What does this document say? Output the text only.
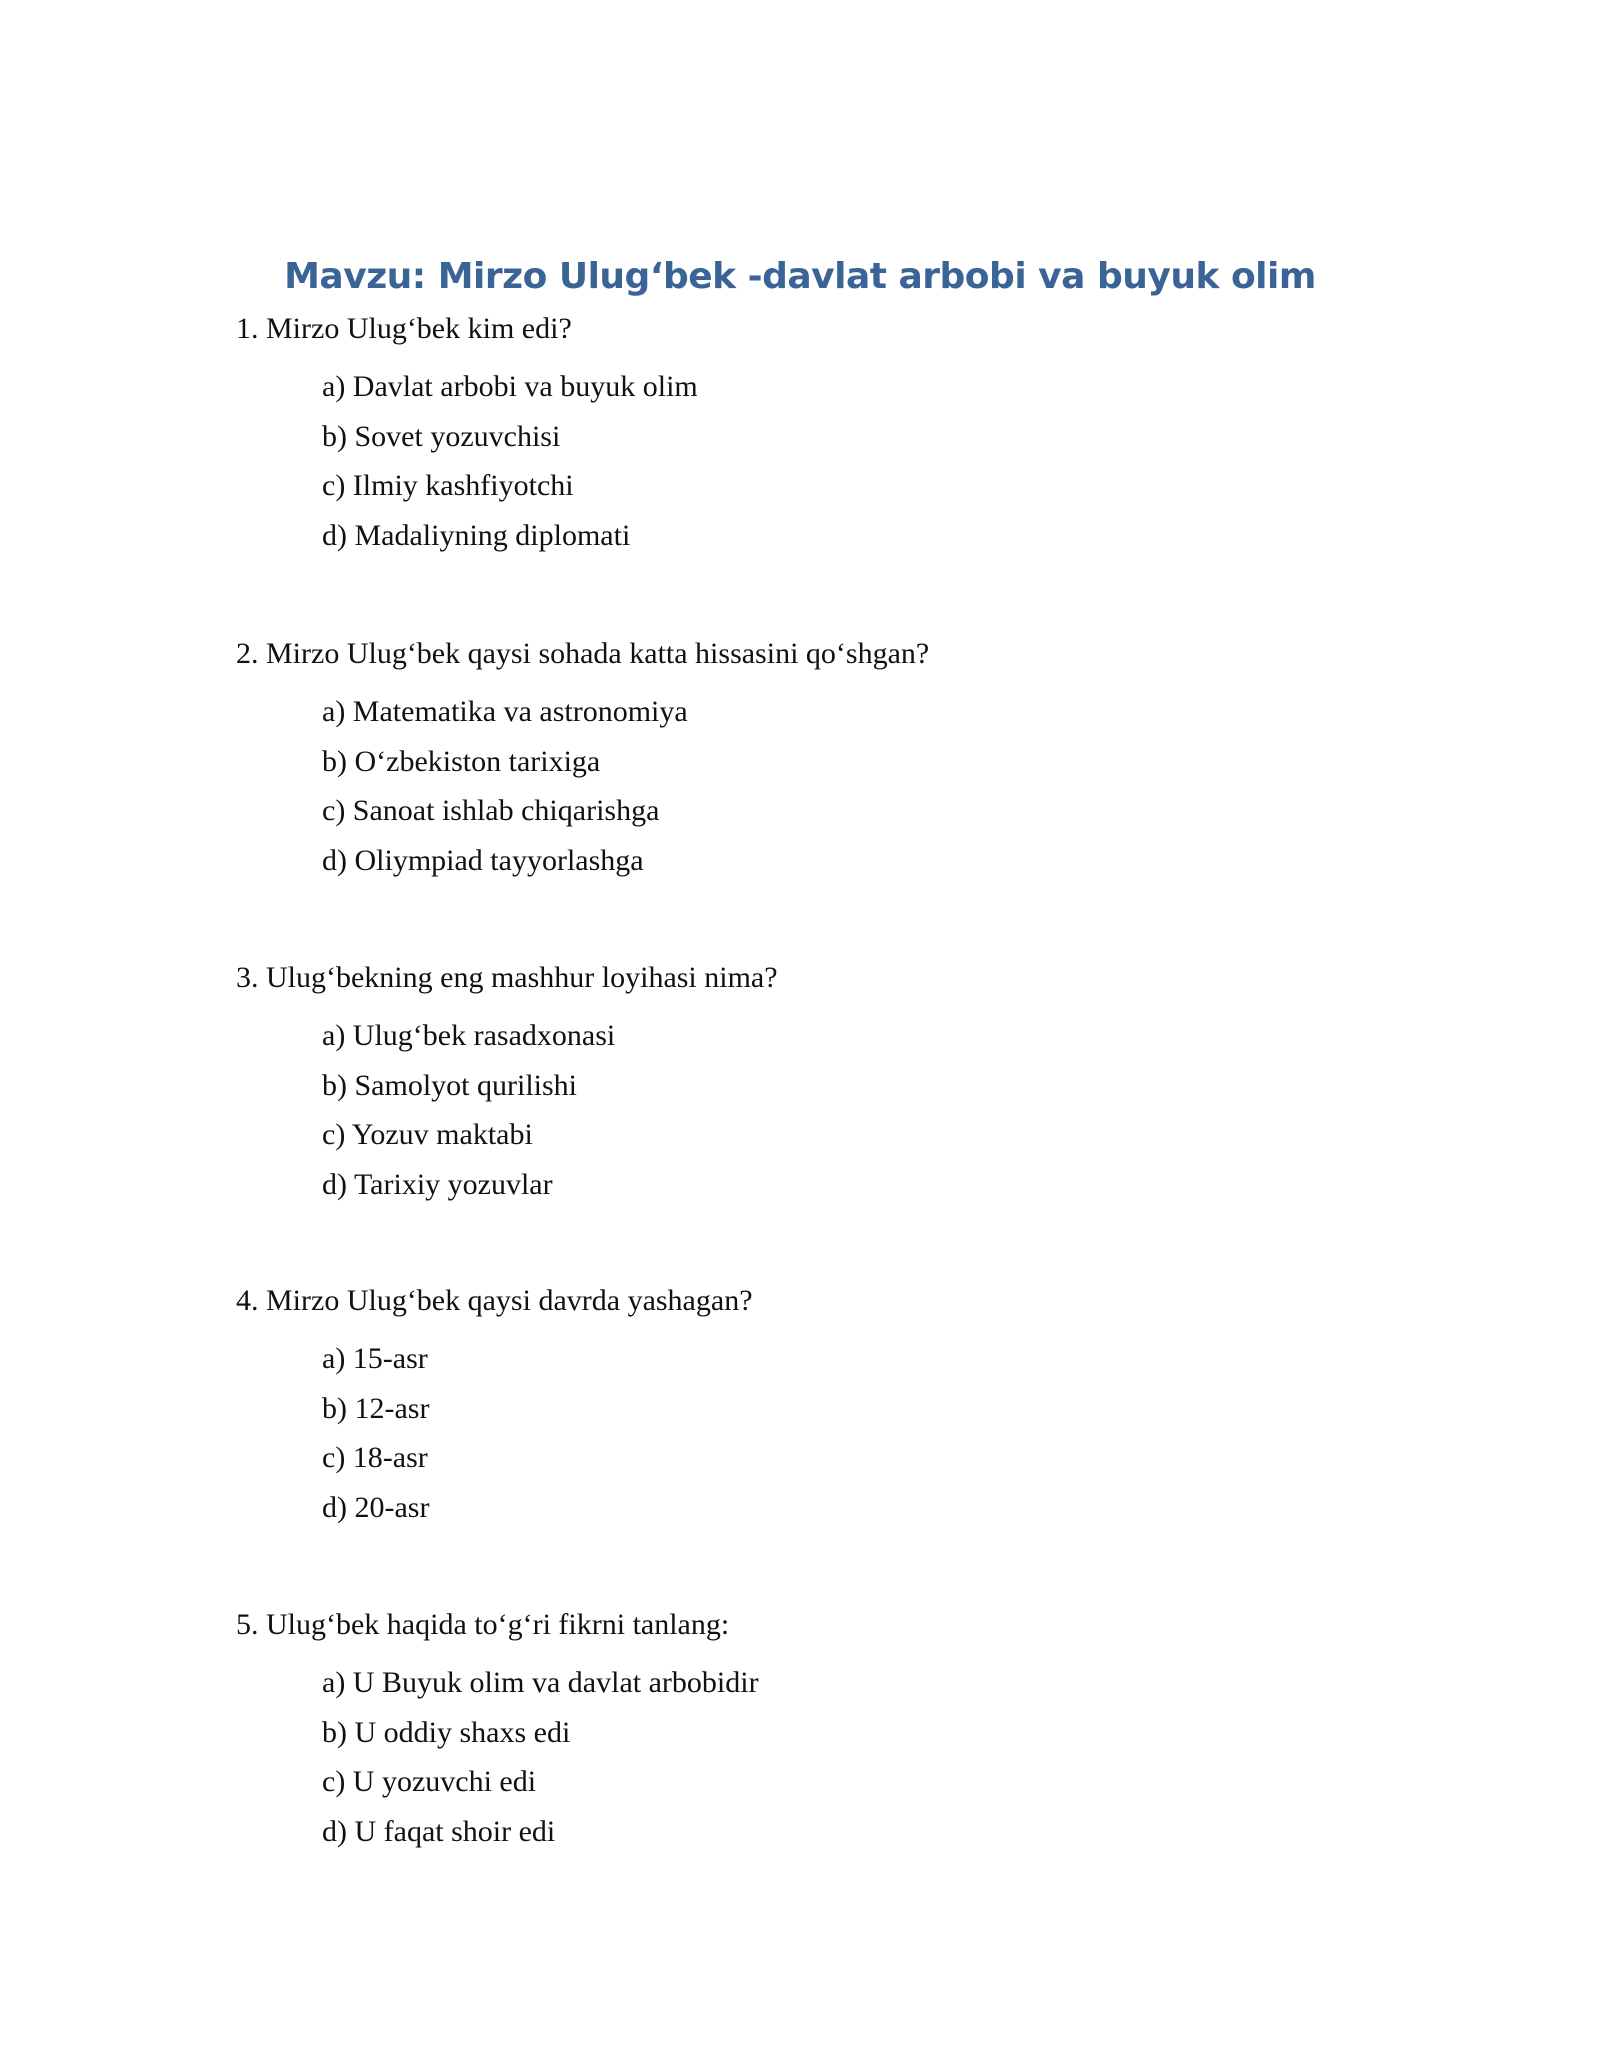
Mavzu: Mirzo Ulug‘bek -davlat arbobi va buyuk olim
1. Mirzo Ulug‘bek kim edi?
a) Davlat arbobi va buyuk olim
b) Sovet yozuvchisi
c) Ilmiy kashfiyotchi
d) Madaliyning diplomati
2. Mirzo Ulug‘bek qaysi sohada katta hissasini qo‘shgan?
a) Matematika va astronomiya
b) O‘zbekiston tarixiga
c) Sanoat ishlab chiqarishga
d) Oliympiad tayyorlashga
3. Ulug‘bekning eng mashhur loyihasi nima?
a) Ulug‘bek rasadxonasi
b) Samolyot qurilishi
c) Yozuv maktabi
d) Tarixiy yozuvlar
4. Mirzo Ulug‘bek qaysi davrda yashagan?
a) 15-asr
b) 12-asr
c) 18-asr
d) 20-asr
5. Ulug‘bek haqida to‘g‘ri fikrni tanlang:
a) U Buyuk olim va davlat arbobidir
b) U oddiy shaxs edi
c) U yozuvchi edi
d) U faqat shoir edi
